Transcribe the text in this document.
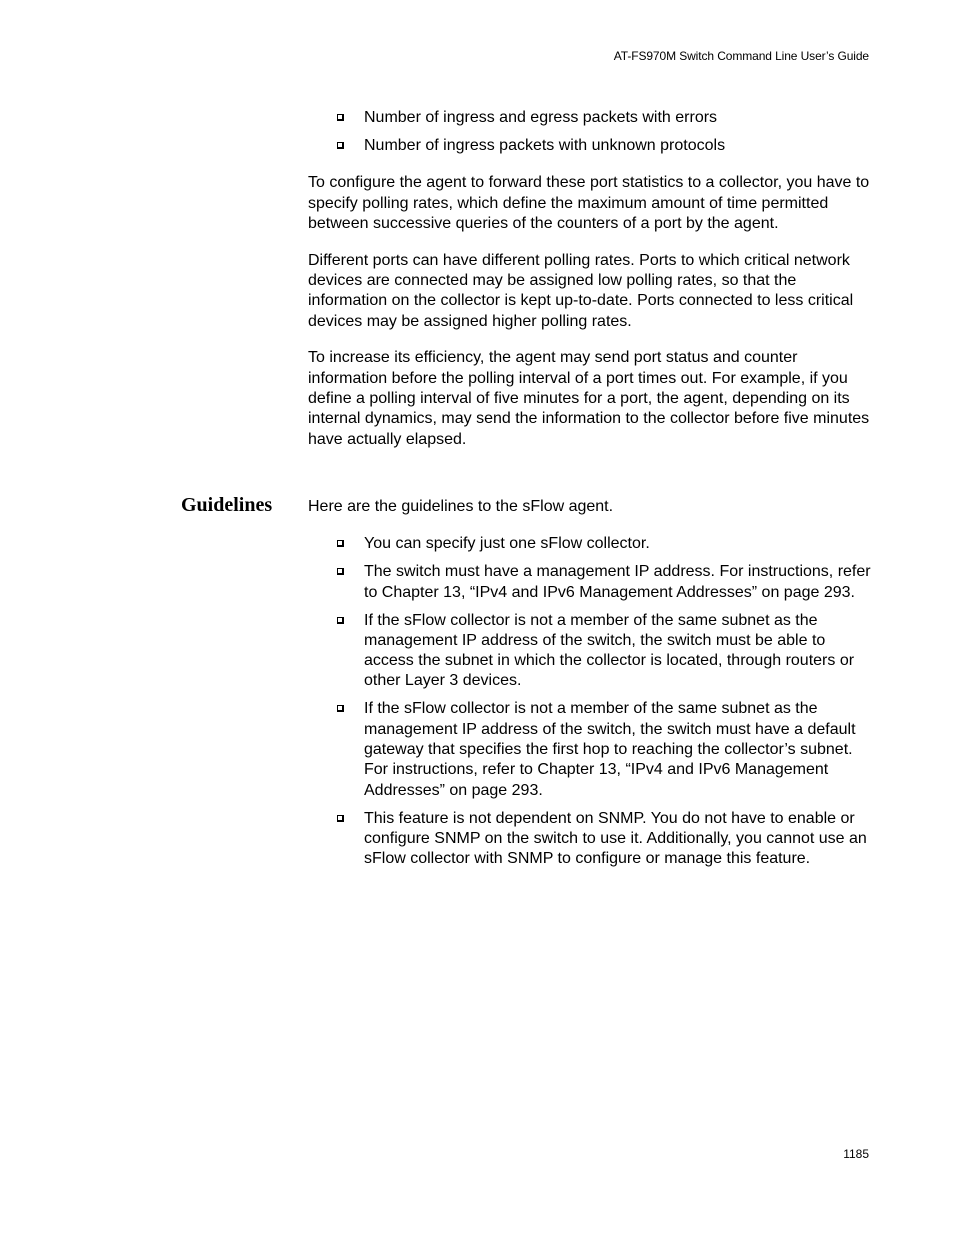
AT-FS970M Switch Command Line User’s Guide
Number of ingress and egress packets with errors
Number of ingress packets with unknown protocols

To configure the agent to forward these port statistics to a collector, you have to specify polling rates, which define the maximum amount of time permitted between successive queries of the counters of a port by the agent.

Different ports can have different polling rates. Ports to which critical network devices are connected may be assigned low polling rates, so that the information on the collector is kept up-to-date. Ports connected to less critical devices may be assigned higher polling rates.

To increase its efficiency, the agent may send port status and counter information before the polling interval of a port times out. For example, if you define a polling interval of five minutes for a port, the agent, depending on its internal dynamics, may send the information to the collector before five minutes have actually elapsed.

Guidelines Here are the guidelines to the sFlow agent.

You can specify just one sFlow collector.
The switch must have a management IP address. For instructions, refer to Chapter 13, “IPv4 and IPv6 Management Addresses” on page 293.
If the sFlow collector is not a member of the same subnet as the management IP address of the switch, the switch must be able to access the subnet in which the collector is located, through routers or other Layer 3 devices.
If the sFlow collector is not a member of the same subnet as the management IP address of the switch, the switch must have a default gateway that specifies the first hop to reaching the collector’s subnet. For instructions, refer to Chapter 13, “IPv4 and IPv6 Management Addresses” on page 293.
This feature is not dependent on SNMP. You do not have to enable or configure SNMP on the switch to use it. Additionally, you cannot use an sFlow collector with SNMP to configure or manage this feature.
1185
